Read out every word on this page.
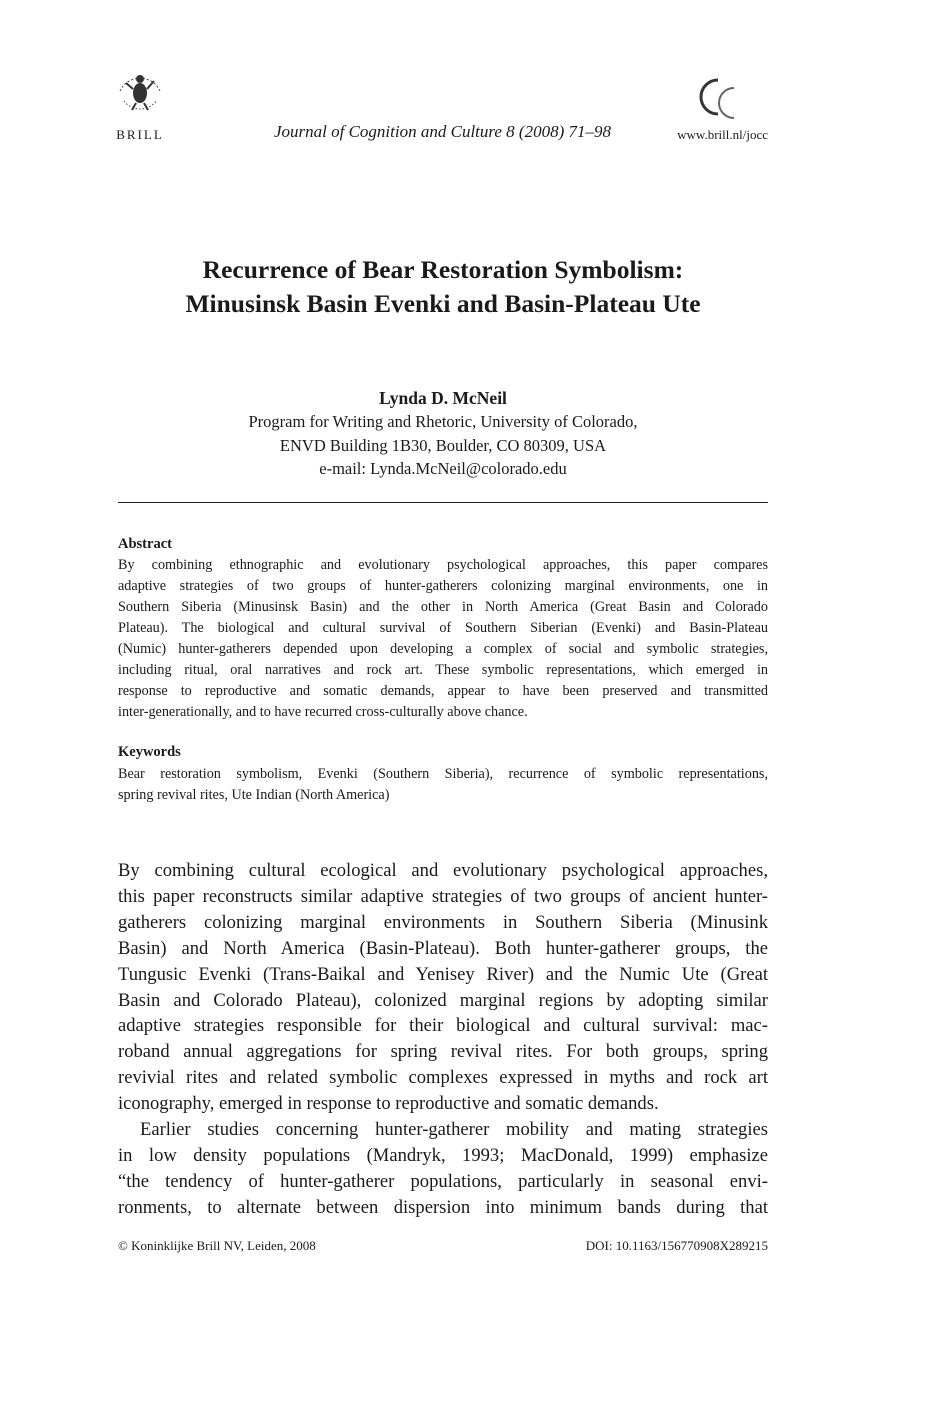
BRILL	Journal of Cognition and Culture 8 (2008) 71–98	www.brill.nl/jocc
Recurrence of Bear Restoration Symbolism:
Minusinsk Basin Evenki and Basin-Plateau Ute
Lynda D. McNeil
Program for Writing and Rhetoric, University of Colorado,
ENVD Building 1B30, Boulder, CO 80309, USA
e-mail: Lynda.McNeil@colorado.edu
Abstract
By combining ethnographic and evolutionary psychological approaches, this paper compares
adaptive strategies of two groups of hunter-gatherers colonizing marginal environments, one in
Southern Siberia (Minusinsk Basin) and the other in North America (Great Basin and Colorado
Plateau). The biological and cultural survival of Southern Siberian (Evenki) and Basin-Plateau
(Numic) hunter-gatherers depended upon developing a complex of social and symbolic strategies,
including ritual, oral narratives and rock art. These symbolic representations, which emerged in
response to reproductive and somatic demands, appear to have been preserved and transmitted
inter-generationally, and to have recurred cross-culturally above chance.
Keywords
Bear restoration symbolism, Evenki (Southern Siberia), recurrence of symbolic representations,
spring revival rites, Ute Indian (North America)
By combining cultural ecological and evolutionary psychological approaches,
this paper reconstructs similar adaptive strategies of two groups of ancient hunter-
gatherers colonizing marginal environments in Southern Siberia (Minusink
Basin) and North America (Basin-Plateau). Both hunter-gatherer groups, the
Tungusic Evenki (Trans-Baikal and Yenisey River) and the Numic Ute (Great
Basin and Colorado Plateau), colonized marginal regions by adopting similar
adaptive strategies responsible for their biological and cultural survival: mac-
roband annual aggregations for spring revival rites. For both groups, spring
revivial rites and related symbolic complexes expressed in myths and rock art
iconography, emerged in response to reproductive and somatic demands.
Earlier studies concerning hunter-gatherer mobility and mating strategies
in low density populations (Mandryk, 1993; MacDonald, 1999) emphasize
“the tendency of hunter-gatherer populations, particularly in seasonal envi-
ronments, to alternate between dispersion into minimum bands during that
© Koninklijke Brill NV, Leiden, 2008	DOI: 10.1163/156770908X289215
